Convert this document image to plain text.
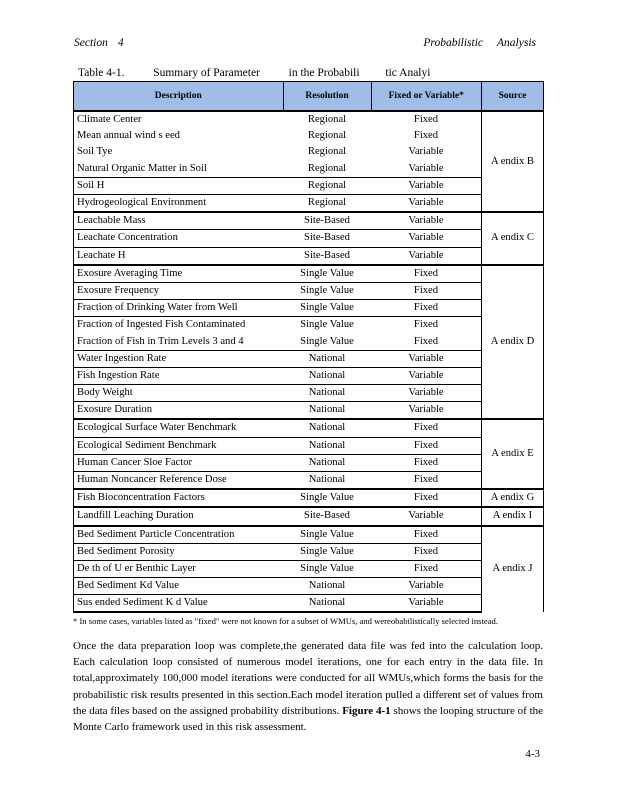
Section 4	Probabilistic Analysis
Table 4-1.	Summary of Parameter          in the Probabili         tic Analyi
Description	Resolution	Fixed or Variable*	Source
Climate Center	Regional	Fixed	A endix B
Mean annual wind s eed	Regional	Fixed	
Soil Tye	Regional	Variable	
Natural Organic Matter in Soil	Regional	Variable	
Soil H	Regional	Variable	
Hydrogeological Environment	Regional	Variable	
Leachable Mass	Site-Based	Variable	A endix C
Leachate Concentration	Site-Based	Variable	
Leachate H	Site-Based	Variable	
Exosure Averaging Time	Single Value	Fixed	A endix D
Exosure Frequency	Single Value	Fixed	
Fraction of Drinking Water from Well	Single Value	Fixed	
Fraction of Ingested Fish Contaminated	Single Value	Fixed	
Fraction of Fish in Trim Levels 3 and 4	Single Value	Fixed	
Water Ingestion Rate	National	Variable	
Fish Ingestion Rate	National	Variable	
Body Weight	National	Variable	
Exosure Duration	National	Variable	
Ecological Surface Water Benchmark	National	Fixed	A endix E
Ecological Sediment Benchmark	National	Fixed	
Human Cancer Sloe Factor	National	Fixed	
Human Noncancer Reference Dose	National	Fixed	
Fish Bioconcentration Factors	Single Value	Fixed	A endix G
Landfill Leaching Duration	Site-Based	Variable	A endix I
Bed Sediment Particle Concentration	Single Value	Fixed	A endix J
Bed Sediment Porosity	Single Value	Fixed	
De th of U er Benthic Layer	Single Value	Fixed	
Bed Sediment Kd Value	National	Variable	
Sus ended Sediment K d Value	National	Variable	
* In some cases, variables listed as "fixed" were not known for a subset of WMUs, and wereobabilistically selected instead.
Once the data preparation loop was complete,the generated data file was fed into the calculation loop. Each calculation loop consisted of numerous model iterations, one for each entry in the data file. In total,approximately 100,000 model iterations were conducted for all WMUs,which forms the basis for the probabilistic risk results presented in this section.Each model iteration pulled a different set of values from the data files based on the assigned probability distributions. Figure 4-1 shows the looping structure of the Monte Carlo framework used in this risk assessment.
4-3
